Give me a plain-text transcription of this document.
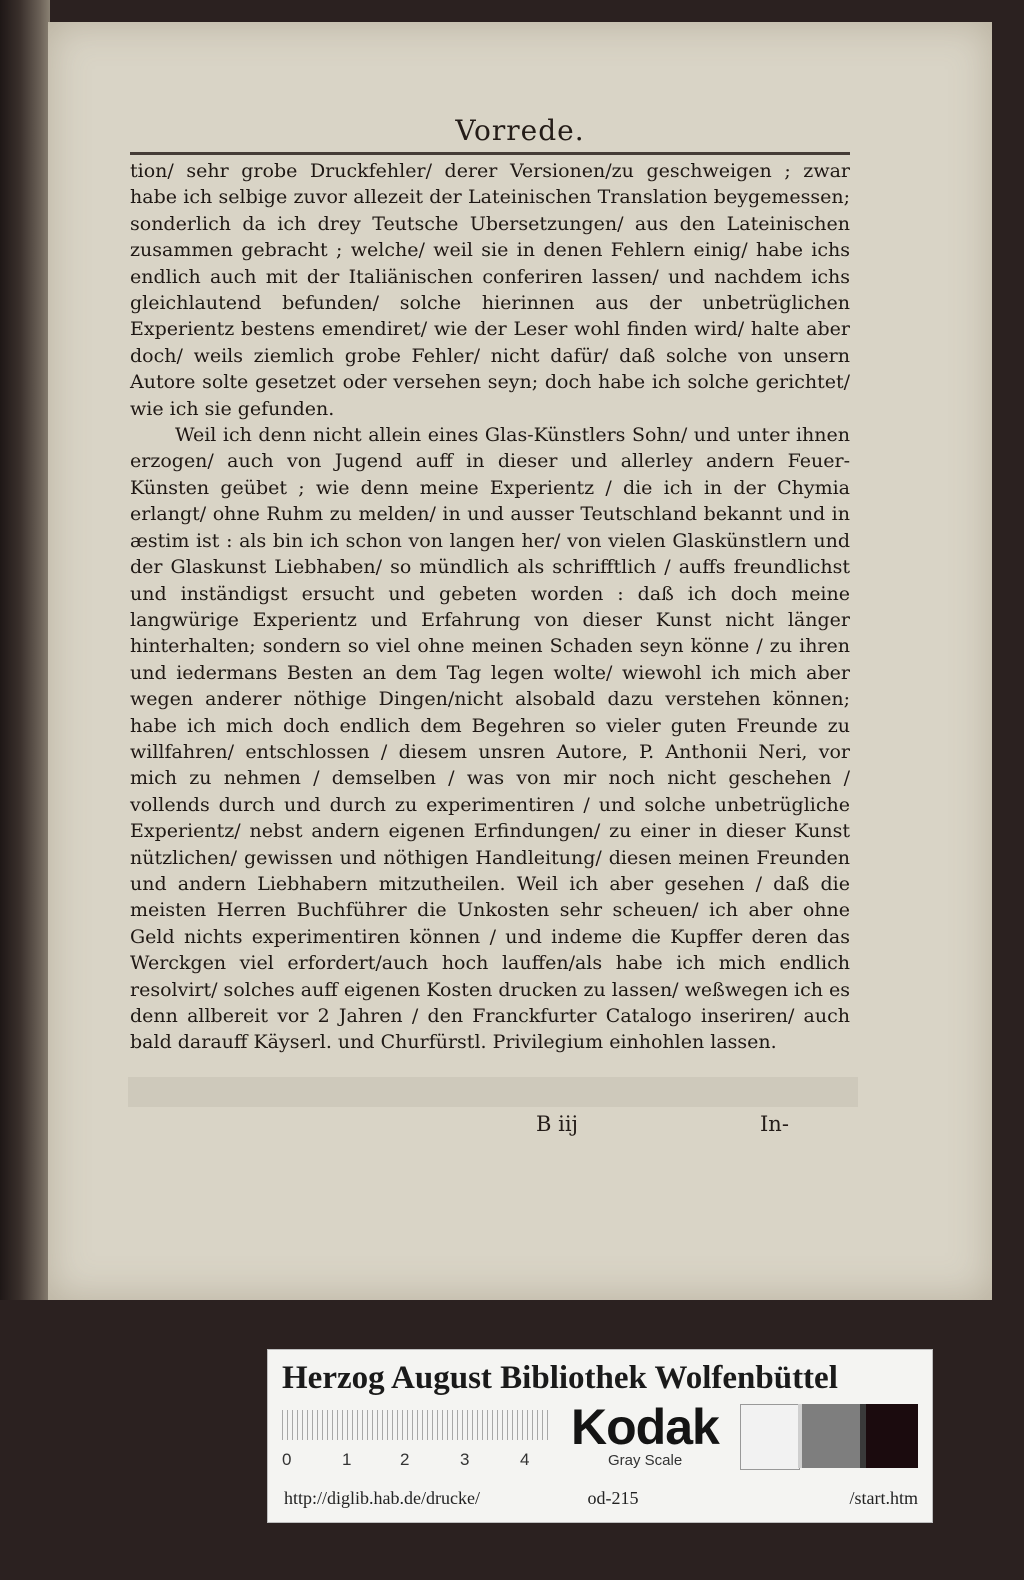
Vorrede.

tion/ sehr grobe Druckfehler/ derer Versionen/zu geschweigen ; zwar habe ich selbige zuvor allezeit der Lateinischen Translation beygemessen; sonderlich da ich drey Teutsche Ubersetzungen/ aus den Lateinischen zusammen gebracht ; welche/ weil sie in denen Fehlern einig/ habe ichs endlich auch mit der Italiänischen conferiren lassen/ und nachdem ichs gleichlautend befunden/ solche hierinnen aus der unbetrüglichen Experientz bestens emendiret/ wie der Leser wohl finden wird/ halte aber doch/ weils ziemlich grobe Fehler/ nicht dafür/ daß solche von unsern Autore solte gesetzet oder versehen seyn; doch habe ich solche gerichtet/ wie ich sie gefunden.

Weil ich denn nicht allein eines Glas-Künstlers Sohn/ und unter ihnen erzogen/ auch von Jugend auff in dieser und allerley andern Feuer-Künsten geübet ; wie denn meine Experientz / die ich in der Chymia erlangt/ ohne Ruhm zu melden/ in und ausser Teutschland bekannt und in æstim ist : als bin ich schon von langen her/ von vielen Glaskünstlern und der Glaskunst Liebhaben/ so mündlich als schrifftlich / auffs freundlichst und inständigst ersucht und gebeten worden : daß ich doch meine langwürige Experientz und Erfahrung von dieser Kunst nicht länger hinterhalten; sondern so viel ohne meinen Schaden seyn könne / zu ihren und iedermans Besten an dem Tag legen wolte/ wiewohl ich mich aber wegen anderer nöthige Dingen/nicht alsobald dazu verstehen können; habe ich mich doch endlich dem Begehren so vieler guten Freunde zu willfahren/ entschlossen / diesem unsren Autore, P. Anthonii Neri, vor mich zu nehmen / demselben / was von mir noch nicht geschehen / vollends durch und durch zu experimentiren / und solche unbetrügliche Experientz/ nebst andern eigenen Erfindungen/ zu einer in dieser Kunst nützlichen/ gewissen und nöthigen Handleitung/ diesen meinen Freunden und andern Liebhabern mitzutheilen. Weil ich aber gesehen / daß die meisten Herren Buchführer die Unkosten sehr scheuen/ ich aber ohne Geld nichts experimentiren können / und indeme die Kupffer deren das Werckgen viel erfordert/auch hoch lauffen/als habe ich mich endlich resolvirt/ solches auff eigenen Kosten drucken zu lassen/ weßwegen ich es denn allbereit vor 2 Jahren / den Franckfurter Catalogo inseriren/ auch bald darauff Käyserl. und Churfürstl. Privilegium einhohlen lassen.

B iij	In-
Herzog August Bibliothek Wolfenbüttel
0	1	2	3	4
Kodak
Gray Scale
http://diglib.hab.de/drucke/	od-215	/start.htm
